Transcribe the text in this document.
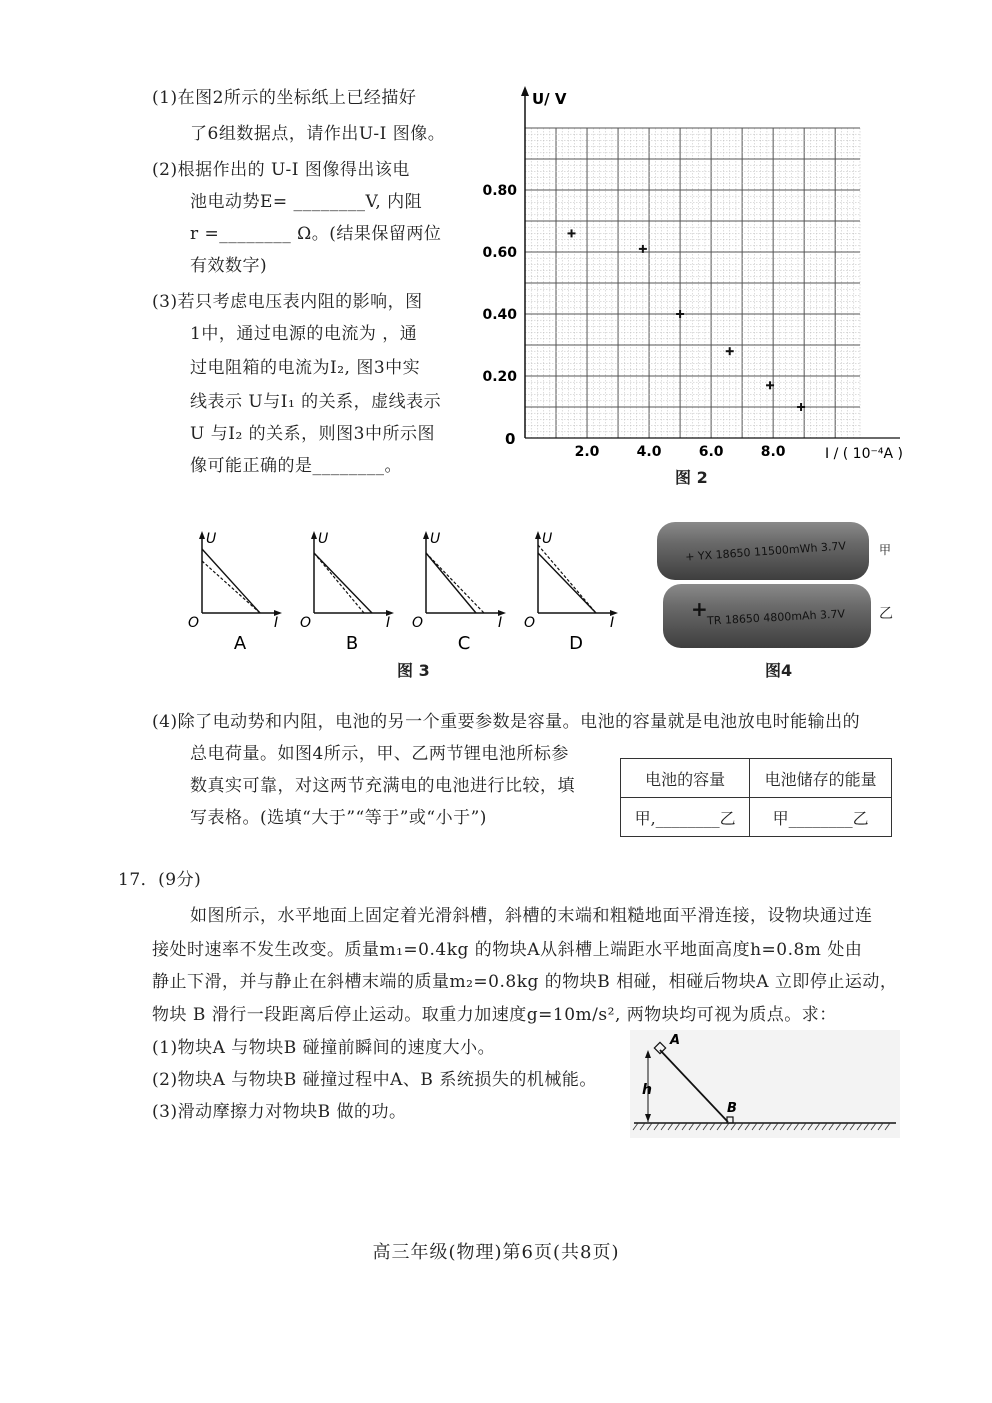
(1)在图2所示的坐标纸上已经描好
了6组数据点，请作出U-I 图像。
(2)根据作出的 U-I 图像得出该电
池电动势E= ________V, 内阻
r =________ Ω。(结果保留两位
有效数字)
(3)若只考虑电压表内阻的影响，图
1中，通过电源的电流为 ，通
过电阻箱的电流为I₂, 图3中实
线表示 U与I₁ 的关系，虚线表示
U 与I₂ 的关系，则图3中所示图
像可能正确的是________。
U/ V
I / ( 10⁻⁴A )
0
0.20
0.40
0.60
0.80
2.0	4.0	6.0	8.0
图 2
U
I
O
A
U
I
O
B
U
I
O
C
U
I
O
D
图 3
+ YX 18650 11500mWh 3.7V
+
TR 18650 4800mAh 3.7V
甲
乙
图4
(4)除了电动势和内阻，电池的另一个重要参数是容量。电池的容量就是电池放电时能输出的
总电荷量。如图4所示，甲、乙两节锂电池所标参
数真实可靠，对这两节充满电的电池进行比较，填
写表格。(选填“大于”“等于”或“小于”)
电池的容量	电池储存的能量
甲,________乙	甲________乙
17．(9分)
如图所示，水平地面上固定着光滑斜槽，斜槽的末端和粗糙地面平滑连接，设物块通过连
接处时速率不发生改变。质量m₁=0.4kg 的物块A从斜槽上端距水平地面高度h=0.8m 处由
静止下滑，并与静止在斜槽末端的质量m₂=0.8kg 的物块B 相碰，相碰后物块A 立即停止运动，
物块 B 滑行一段距离后停止运动。取重力加速度g=10m/s², 两物块均可视为质点。求：
(1)物块A 与物块B 碰撞前瞬间的速度大小。
(2)物块A 与物块B 碰撞过程中A、B 系统损失的机械能。
(3)滑动摩擦力对物块B 做的功。
h
A
B
高三年级(物理)第6页(共8页)
